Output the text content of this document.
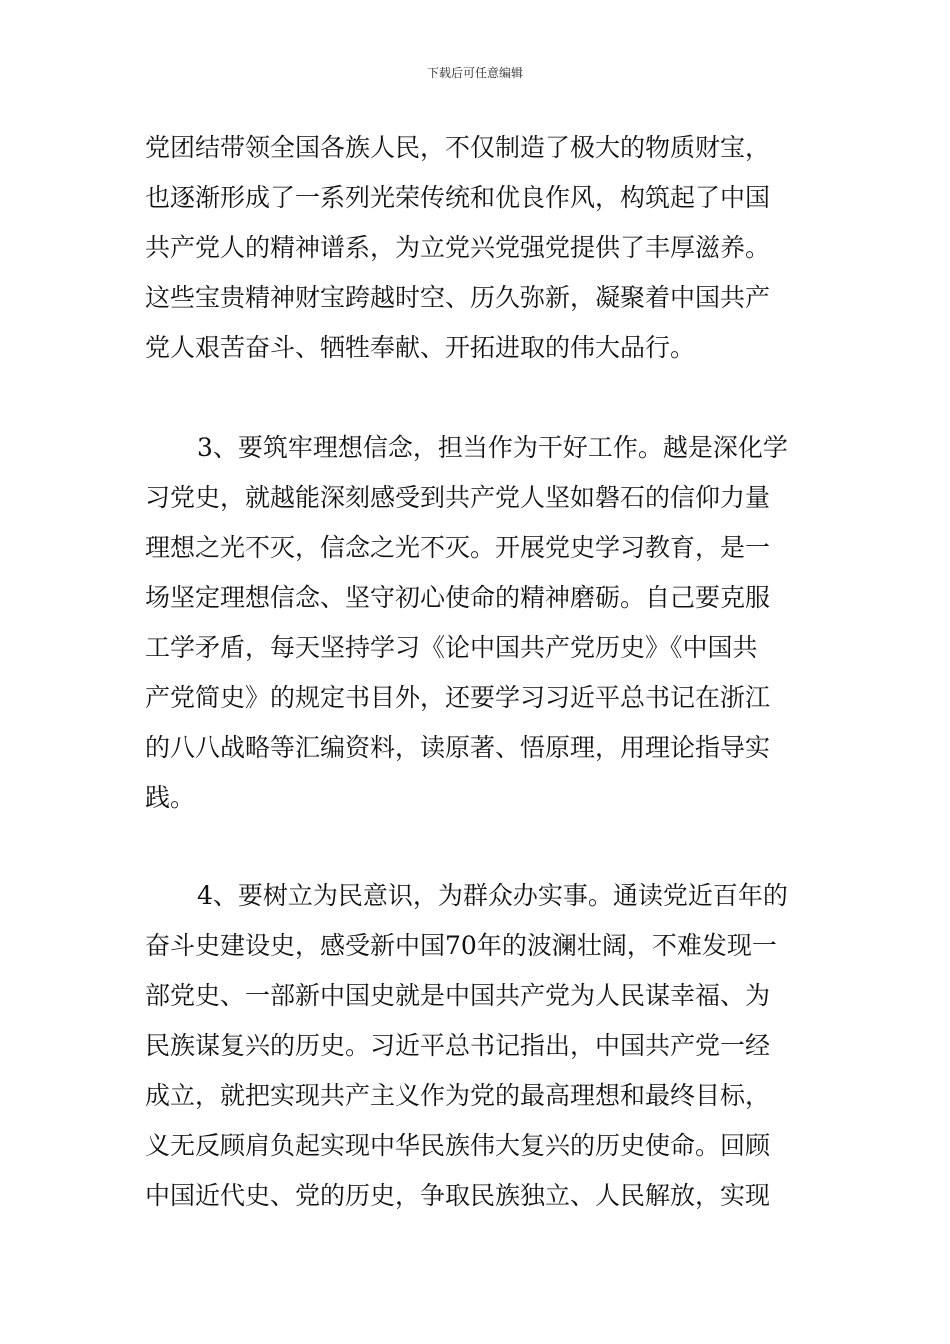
下载后可任意编辑
党团结带领全国各族人民，不仅制造了极大的物质财宝，
也逐渐形成了一系列光荣传统和优良作风，构筑起了中国
共产党人的精神谱系，为立党兴党强党提供了丰厚滋养。
这些宝贵精神财宝跨越时空、历久弥新，凝聚着中国共产
党人艰苦奋斗、牺牲奉献、开拓进取的伟大品行。
3、要筑牢理想信念，担当作为干好工作。越是深化学
习党史，就越能深刻感受到共产党人坚如磐石的信仰力量
理想之光不灭，信念之光不灭。开展党史学习教育，是一
场坚定理想信念、坚守初心使命的精神磨砺。自己要克服
工学矛盾，每天坚持学习《论中国共产党历史》《中国共
产党简史》的规定书目外，还要学习习近平总书记在浙江
的八八战略等汇编资料，读原著、悟原理，用理论指导实
践。
4、要树立为民意识，为群众办实事。通读党近百年的
奋斗史建设史，感受新中国70年的波澜壮阔，不难发现一
部党史、一部新中国史就是中国共产党为人民谋幸福、为
民族谋复兴的历史。习近平总书记指出，中国共产党一经
成立，就把实现共产主义作为党的最高理想和最终目标，
义无反顾肩负起实现中华民族伟大复兴的历史使命。回顾
中国近代史、党的历史，争取民族独立、人民解放，实现
